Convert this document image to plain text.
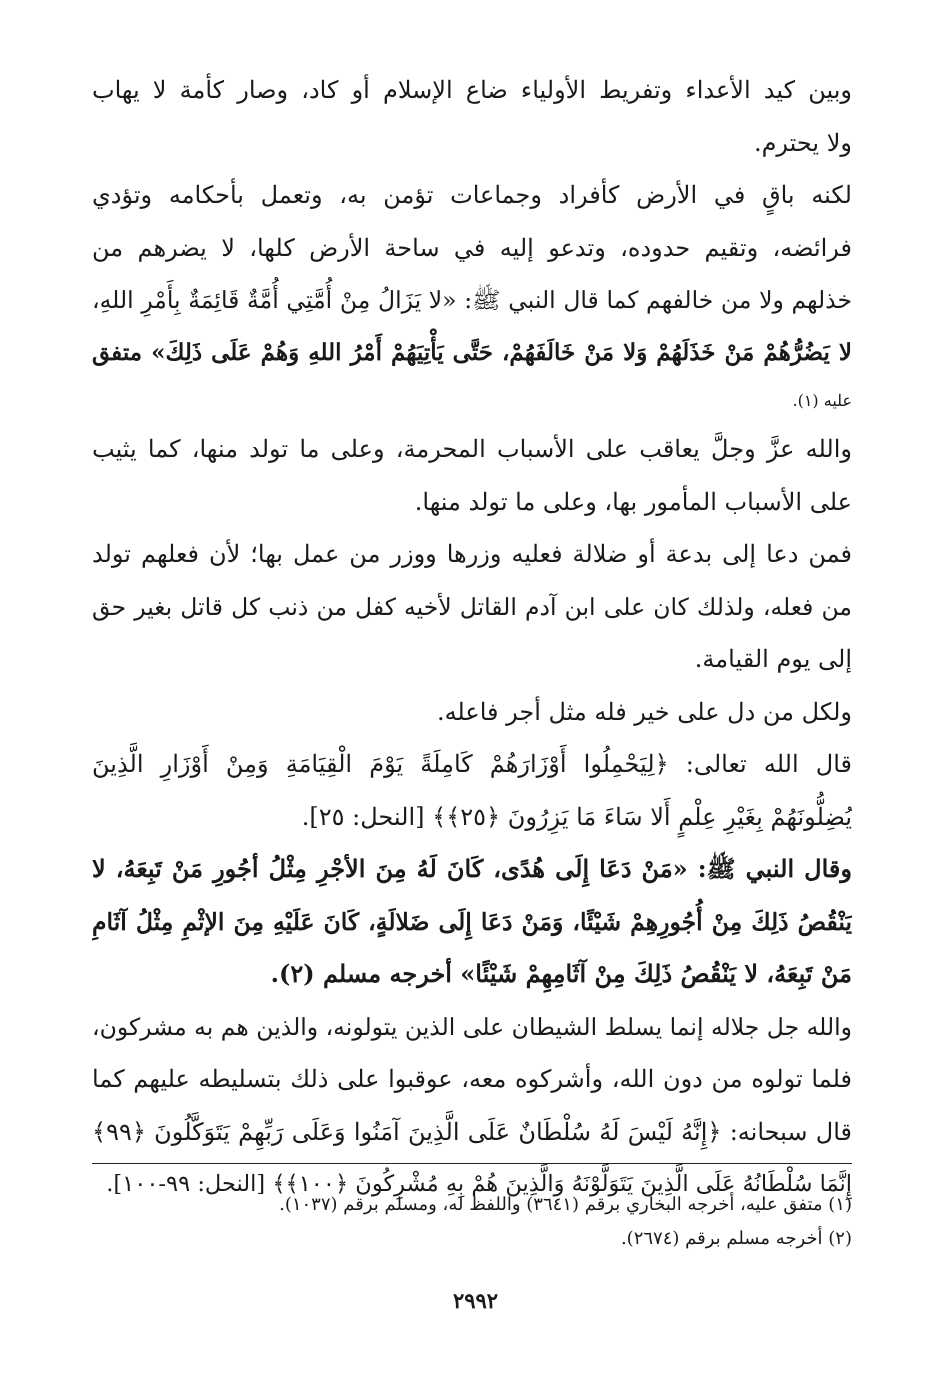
وبين كيد الأعداء وتفريط الأولياء ضاع الإسلام أو كاد، وصار كأمة لا يهاب
ولا يحترم.
لكنه باقٍ في الأرض كأفراد وجماعات تؤمن به، وتعمل بأحكامه وتؤدي
فرائضه، وتقيم حدوده، وتدعو إليه في ساحة الأرض كلها، لا يضرهم من
خذلهم ولا من خالفهم كما قال النبي ﷺ: «لا يَزَالُ مِنْ أُمَّتِي أُمَّةٌ قَائِمَةٌ بِأَمْرِ اللهِ،
لا يَضُرُّهُمْ مَنْ خَذَلَهُمْ وَلا مَنْ خَالَفَهُمْ، حَتَّى يَأْتِيَهُمْ أَمْرُ اللهِ وَهُمْ عَلَى ذَلِكَ» متفق
عليه (١).
والله عزَّ وجلَّ يعاقب على الأسباب المحرمة، وعلى ما تولد منها، كما يثيب
على الأسباب المأمور بها، وعلى ما تولد منها.
فمن دعا إلى بدعة أو ضلالة فعليه وزرها ووزر من عمل بها؛ لأن فعلهم تولد
من فعله، ولذلك كان على ابن آدم القاتل لأخيه كفل من ذنب كل قاتل بغير حق
إلى يوم القيامة.
ولكل من دل على خير فله مثل أجر فاعله.
قال الله تعالى: ﴿لِيَحْمِلُوا أَوْزَارَهُمْ كَامِلَةً يَوْمَ الْقِيَامَةِ وَمِنْ أَوْزَارِ الَّذِينَ
يُضِلُّونَهُمْ بِغَيْرِ عِلْمٍ أَلا سَاءَ مَا يَزِرُونَ ﴿٢٥﴾﴾ [النحل: ٢٥].
وقال النبي ﷺ: «مَنْ دَعَا إِلَى هُدًى، كَانَ لَهُ مِنَ الأجْرِ مِثْلُ أجُورِ مَنْ تَبِعَهُ، لا
يَنْقُصُ ذَلِكَ مِنْ أُجُورِهِمْ شَيْئًا، وَمَنْ دَعَا إِلَى ضَلالَةٍ، كَانَ عَلَيْهِ مِنَ الإثْمِ مِثْلُ آثَامِ
مَنْ تَبِعَهُ، لا يَنْقُصُ ذَلِكَ مِنْ آثَامِهِمْ شَيْئًا» أخرجه مسلم (٢).
والله جل جلاله إنما يسلط الشيطان على الذين يتولونه، والذين هم به مشركون،
فلما تولوه من دون الله، وأشركوه معه، عوقبوا على ذلك بتسليطه عليهم كما
قال سبحانه: ﴿إِنَّهُ لَيْسَ لَهُ سُلْطَانٌ عَلَى الَّذِينَ آمَنُوا وَعَلَى رَبِّهِمْ يَتَوَكَّلُونَ ﴿٩٩﴾
إِنَّمَا سُلْطَانُهُ عَلَى الَّذِينَ يَتَوَلَّوْنَهُ وَالَّذِينَ هُمْ بِهِ مُشْرِكُونَ ﴿١٠٠﴾﴾ [النحل: ٩٩-١٠٠].
(١) متفق عليه، أخرجه البخاري برقم (٣٦٤١) واللفظ له، ومسلم برقم (١٠٣٧).
(٢) أخرجه مسلم برقم (٢٦٧٤).
٢٩٩٢
